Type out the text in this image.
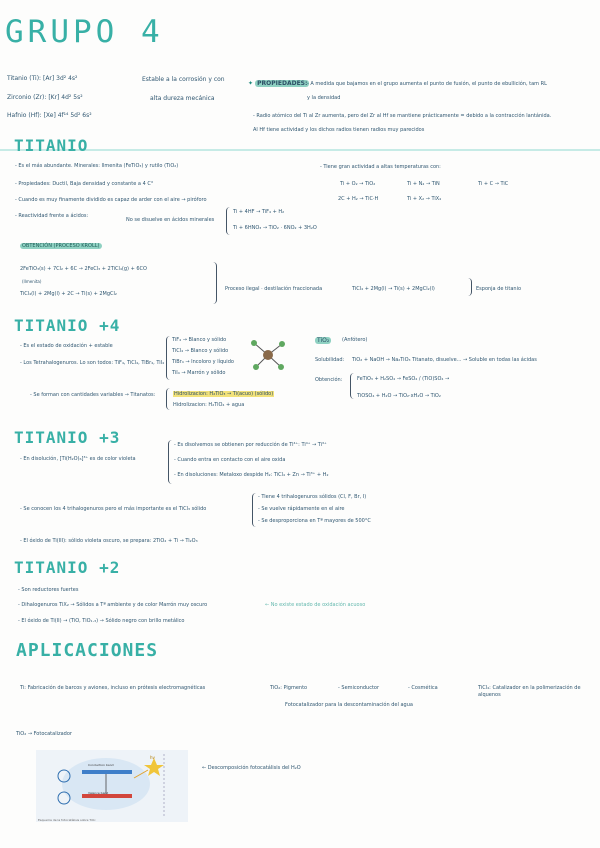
GRUPO 4
Titanio (Ti): [Ar] 3d² 4s²
Zirconio (Zr): [Kr] 4d² 5s²
Hafnio (Hf): [Xe] 4f¹⁴ 5d² 6s²
Estable a la corrosión y con
alta dureza mecánica
✦ PROPIEDADES: - A medida que bajamos en el grupo aumenta el punto de fusión, el punto de ebullición, tam RL
y la densidad
- Radio atómico del Ti al Zr aumenta, pero del Zr al Hf se mantiene prácticamente = debido a la contracción lantánida.
Al Hf tiene actividad y los dichos radios tienen radios muy parecidos
TITANIO
- Es el más abundante. Minerales: Ilmenita (FeTiO₃) y rutilo (TiO₂)
- Propiedades: Ductil, Baja densidad y constante a 4 C°
- Cuando es muy finamente dividido es capaz de arder con el aire → piróforo
- Reactividad frente a ácidos:
No se disuelve en ácidos minerales
Ti + 4HF → TiF₄ + H₂
Ti + 6HNO₃ → TiO₂ · 6NO₂ + 3H₂O
- Tiene gran actividad a altas temperaturas con:
Ti + O₂ → TiO₂	Ti + N₂ → TiN	Ti + C → TiC
2C + H₂ → TiC·H	Ti + X₂ → TiX₄
OBTENCIÓN (PROCESO KROLL)
2FeTiO₃(s) + 7Cl₂ + 6C → 2FeCl₃ + 2TiCl₄(g) + 6CO
(Ilmenita)
TiCl₄(l) + 2Mg(l) + 2C → Ti(s) + 2MgCl₂
Proceso ilegal · destilación fraccionada	TiCl₄ + 2Mg(l) → Ti(s) + 2MgCl₂(l)	Esponja de titanio
TITANIO +4
- Es el estado de oxidación + estable
- Los Tetrahalogenuros. Lo son todos: TiF₄, TiCl₄, TiBr₄, TiI₄
TiF₄ → Blanco y sólido
TiCl₄ → Blanco y sólido
TiBr₄ → Incoloro y líquido
TiI₄ → Marrón y sólido
- Se forman con cantidades variables → Titanatos:	Hidrolizacion: H₂TiO₃ → Ti(acuo) (sólido)
Hidrolizacion: H₂TiO₄ + agua
TiO₂	(Anfótero)
Solubilidad: TiO₂ + NaOH → Na₂TiO₃ Titanato, disuelve... → Soluble en todas las ácidas
Obtención:	FeTiO₃ + H₂SO₄ → FeSO₄ / (TiO)SO₄ →
TiOSO₄ + H₂O → TiO₂·xH₂O → TiO₂
TITANIO +3
- En disolución, [Ti(H₂O)₆]³⁺ es de color violeta
- Es disolvemos se obtienen por reducción de Ti⁴⁺: Ti⁴⁺ → Ti³⁺
- Cuando entra en contacto con el aire oxida
- En disoluciones: Metaloxo despide H₂: TiCl₄ + Zn → Ti³⁺ + H₂
- Se conocen los 4 trihalogenuros pero el más importante es el TiCl₃ sólido
- Tiene 4 trihalogenuros sólidos (Cl, F, Br, I)
- Se vuelve rápidamente en el aire
- Se desproporciona en Tª mayores de 500°C
- El óxido de Ti(III): sólido violeta oscuro, se prepara: 2TiO₂ + Ti → Ti₂O₃
TITANIO +2
- Son reductores fuertes
- Dihalogenuros TiX₂ → Sólidos a Tª ambiente y de color Marrón muy oscuro
- El óxido de Ti(II) → (TiO, TiO₁.₃) → Sólido negro con brillo metálico
← No existe estado de oxidación acuoso
APLICACIONES
Ti: Fabricación de barcos y aviones, incluso en prótesis electromagnéticas	TiO₂: Pigmento	- Semiconductor	- Cosmética
Fotocatalizador para la descontaminación del agua
TiCl₄: Catalizador en la polimerización de alquenos
TiO₂ → Fotocatalizador
Conduction band
Valence band
hv
Esquema de la fotocatálisis sobre TiO₂
← Descomposición fotocatálisis del H₂O
